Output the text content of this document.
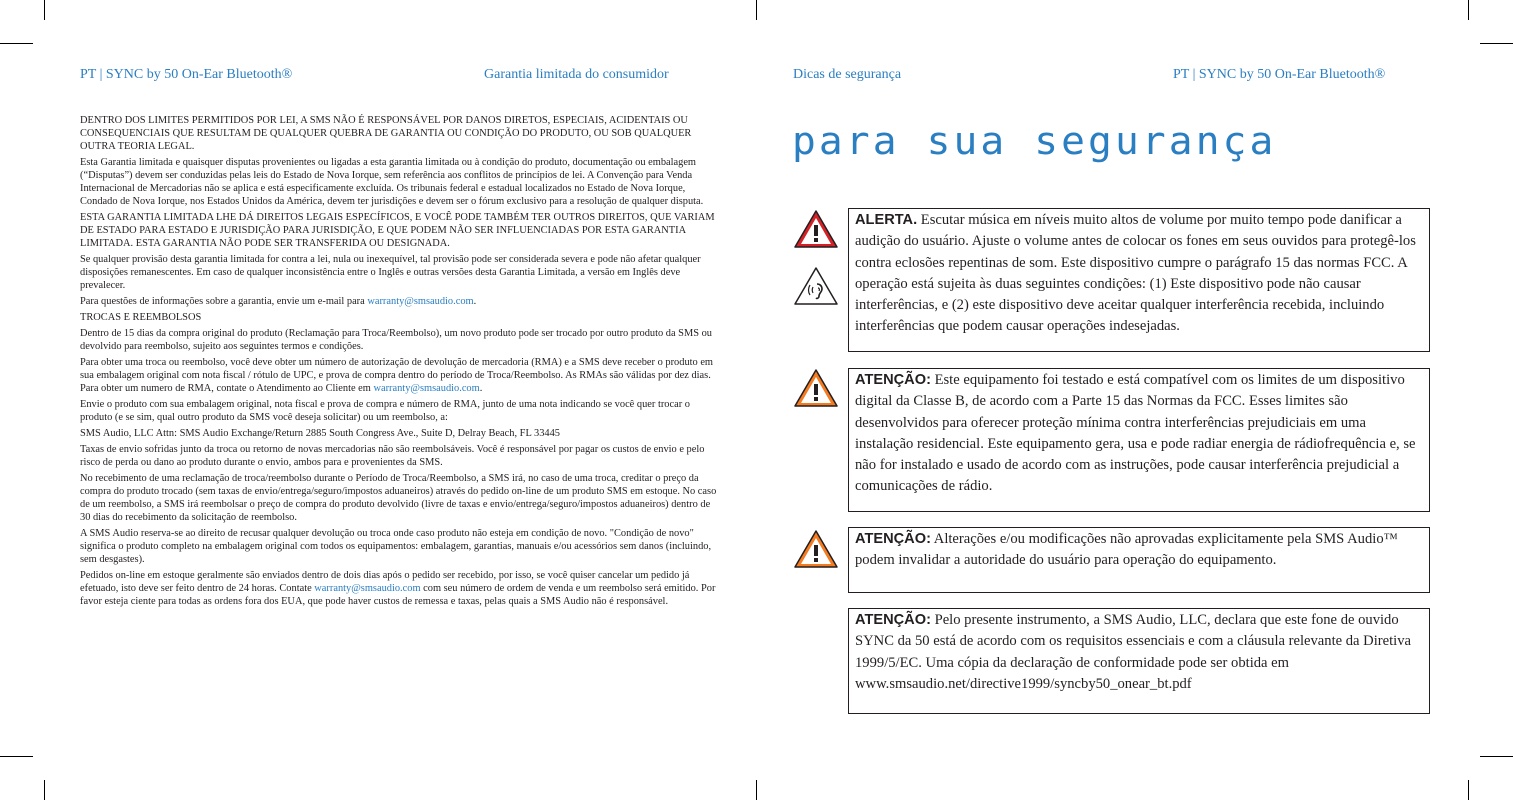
PT | SYNC by 50 On-Ear Bluetooth®	Garantia limitada do consumidor	Dicas de segurança	PT | SYNC by 50 On-Ear Bluetooth®

DENTRO DOS LIMITES PERMITIDOS POR LEI, A SMS NÃO É RESPONSÁVEL POR DANOS DIRETOS, ESPECIAIS, ACIDENTAIS OU CONSEQUENCIAIS QUE RESULTAM DE QUALQUER QUEBRA DE GARANTIA OU CONDIÇÃO DO PRODUTO, OU SOB QUALQUER OUTRA TEORIA LEGAL.

Esta Garantia limitada e quaisquer disputas provenientes ou ligadas a esta garantia limitada ou à condição do produto, documentação ou embalagem (“Disputas”) devem ser conduzidas pelas leis do Estado de Nova Iorque, sem referência aos conflitos de princípios de lei. A Convenção para Venda Internacional de Mercadorias não se aplica e está especificamente excluída. Os tribunais federal e estadual localizados no Estado de Nova Iorque, Condado de Nova Iorque, nos Estados Unidos da América, devem ter jurisdições e devem ser o fórum exclusivo para a resolução de qualquer disputa.

ESTA GARANTIA LIMITADA LHE DÁ DIREITOS LEGAIS ESPECÍFICOS, E VOCÊ PODE TAMBÉM TER OUTROS DIREITOS, QUE VARIAM DE ESTADO PARA ESTADO E JURISDIÇÃO PARA JURISDIÇÃO, E QUE PODEM NÃO SER INFLUENCIADAS POR ESTA GARANTIA LIMITADA. ESTA GARANTIA NÃO PODE SER TRANSFERIDA OU DESIGNADA.

Se qualquer provisão desta garantia limitada for contra a lei, nula ou inexequível, tal provisão pode ser considerada severa e pode não afetar qualquer disposições remanescentes. Em caso de qualquer inconsistência entre o Inglês e outras versões desta Garantia Limitada, a versão em Inglês deve prevalecer.

Para questões de informações sobre a garantia, envie um e-mail para warranty@smsaudio.com.

TROCAS E REEMBOLSOS

Dentro de 15 dias da compra original do produto (Reclamação para Troca/Reembolso), um novo produto pode ser trocado por outro produto da SMS ou devolvido para reembolso, sujeito aos seguintes termos e condições.

Para obter uma troca ou reembolso, você deve obter um número de autorização de devolução de mercadoria (RMA) e a SMS deve receber o produto em sua embalagem original com nota fiscal / rótulo de UPC, e prova de compra dentro do período de Troca/Reembolso. As RMAs são válidas por dez dias. Para obter um numero de RMA, contate o Atendimento ao Cliente em warranty@smsaudio.com.

Envie o produto com sua embalagem original, nota fiscal e prova de compra e número de RMA, junto de uma nota indicando se você quer trocar o produto (e se sim, qual outro produto da SMS você deseja solicitar) ou um reembolso, a:

SMS Audio, LLC Attn: SMS Audio Exchange/Return 2885 South Congress Ave., Suite D, Delray Beach, FL 33445

Taxas de envio sofridas junto da troca ou retorno de novas mercadorias não são reembolsáveis. Você é responsável por pagar os custos de envio e pelo risco de perda ou dano ao produto durante o envio, ambos para e provenientes da SMS.

No recebimento de uma reclamação de troca/reembolso durante o Período de Troca/Reembolso, a SMS irá, no caso de uma troca, creditar o preço da compra do produto trocado (sem taxas de envio/entrega/seguro/impostos aduaneiros) através do pedido on-line de um produto SMS em estoque. No caso de um reembolso, a SMS irá reembolsar o preço de compra do produto devolvido (livre de taxas e envio/entrega/seguro/impostos aduaneiros) dentro de 30 dias do recebimento da solicitação de reembolso.

A SMS Audio reserva-se ao direito de recusar qualquer devolução ou troca onde caso produto não esteja em condição de novo. "Condição de novo" significa o produto completo na embalagem original com todos os equipamentos: embalagem, garantias, manuais e/ou acessórios sem danos (incluindo, sem desgastes).

Pedidos on-line em estoque geralmente são enviados dentro de dois dias após o pedido ser recebido, por isso, se você quiser cancelar um pedido já efetuado, isto deve ser feito dentro de 24 horas. Contate warranty@smsaudio.com com seu número de ordem de venda e um reembolso será emitido. Por favor esteja ciente para todas as ordens fora dos EUA, que pode haver custos de remessa e taxas, pelas quais a SMS Audio não é responsável.

para sua segurança
ALERTA. Escutar música em níveis muito altos de volume por muito tempo pode danificar a audição do usuário. Ajuste o volume antes de colocar os fones em seus ouvidos para protegê-los contra eclosões repentinas de som. Este dispositivo cumpre o parágrafo 15 das normas FCC. A operação está sujeita às duas seguintes condições: (1) Este dispositivo pode não causar interferências, e (2) este dispositivo deve aceitar qualquer interferência recebida, incluindo interferências que podem causar operações indesejadas.
ATENÇÃO: Este equipamento foi testado e está compatível com os limites de um dispositivo digital da Classe B, de acordo com a Parte 15 das Normas da FCC. Esses limites são desenvolvidos para oferecer proteção mínima contra interferências prejudiciais em uma instalação residencial. Este equipamento gera, usa e pode radiar energia de rádiofrequência e, se não for instalado e usado de acordo com as instruções, pode causar interferência prejudicial a comunicações de rádio.
ATENÇÃO: Alterações e/ou modificações não aprovadas explicitamente pela SMS Audio™ podem invalidar a autoridade do usuário para operação do equipamento.
ATENÇÃO: Pelo presente instrumento, a SMS Audio, LLC, declara que este fone de ouvido SYNC da 50 está de acordo com os requisitos essenciais e com a cláusula relevante da Diretiva 1999/5/EC. Uma cópia da declaração de conformidade pode ser obtida em www.smsaudio.net/directive1999/syncby50_onear_bt.pdf
